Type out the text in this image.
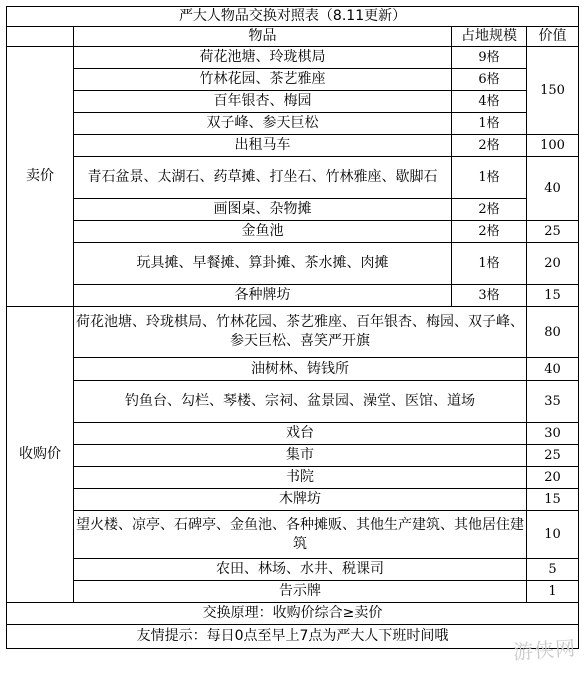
严大人物品交换对照表（8.11更新）			
	物品	占地规模	价值
卖价	荷花池塘、玲珑棋局	9格	150
	竹林花园、茶艺雅座	6格	
	百年银杏、梅园	4格	
	双子峰、参天巨松	1格	
	出租马车	2格	100
	青石盆景、太湖石、药草摊、打坐石、竹林雅座、歇脚石	1格	40
	画图桌、杂物摊	2格	
	金鱼池	2格	25
	玩具摊、早餐摊、算卦摊、茶水摊、肉摊	1格	20
	各种牌坊	3格	15
收购价	荷花池塘、玲珑棋局、竹林花园、茶艺雅座、百年银杏、梅园、双子峰、参天巨松、喜笑严开旗		80
	油树林、铸钱所		40
	钓鱼台、勾栏、琴楼、宗祠、盆景园、澡堂、医馆、道场		35
	戏台		30
	集市		25
	书院		20
	木牌坊		15
	望火楼、凉亭、石碑亭、金鱼池、各种摊贩、其他生产建筑、其他居住建筑		10
	农田、林场、水井、税课司		5
	告示牌		1
交换原理：收购价综合≥卖价			
友情提示：每日0点至早上7点为严大人下班时间哦				游侠网
